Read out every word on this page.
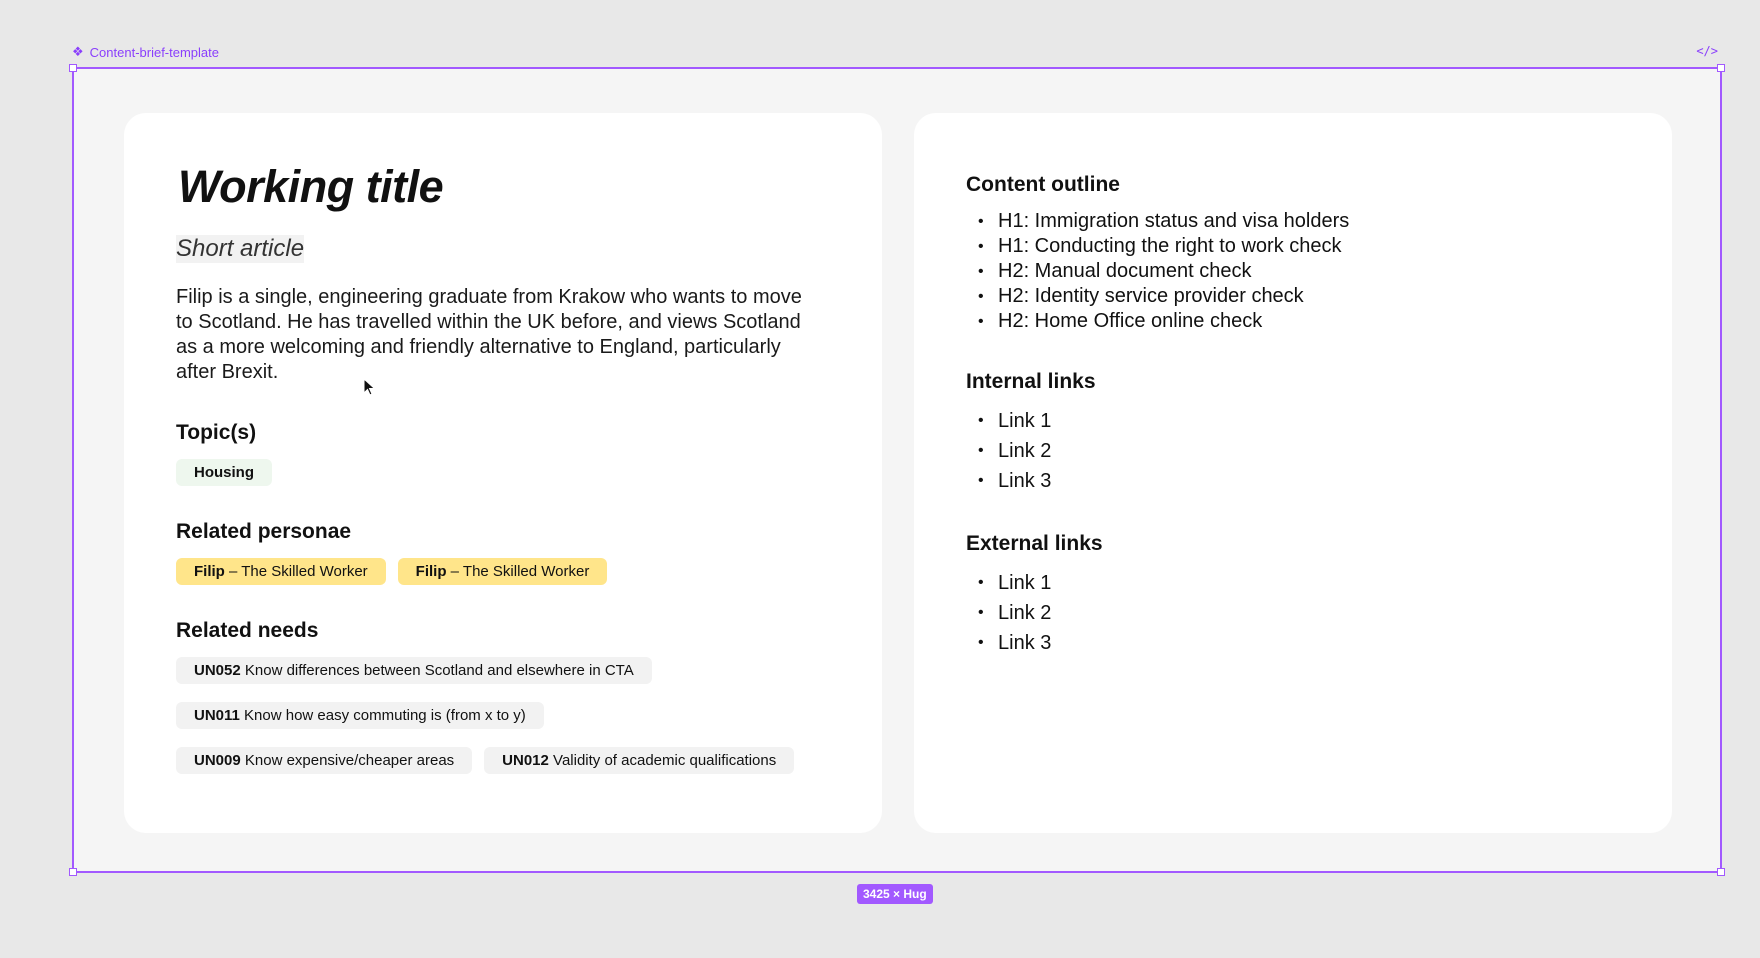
❖ Content-brief-template	</>
Working title
Short article
Filip is a single, engineering graduate from Krakow who wants to move to Scotland. He has travelled within the UK before, and views Scotland as a more welcoming and friendly alternative to England, particularly after Brexit.
Topic(s)
Housing
Related personae
Filip – The Skilled Worker	Filip – The Skilled Worker
Related needs
UN052 Know differences between Scotland and elsewhere in CTA
UN011 Know how easy commuting is (from x to y)
UN009 Know expensive/cheaper areas	UN012 Validity of academic qualifications
Content outline
• H1: Immigration status and visa holders
• H1: Conducting the right to work check
• H2: Manual document check
• H2: Identity service provider check
• H2: Home Office online check
Internal links
• Link 1
• Link 2
• Link 3
External links
• Link 1
• Link 2
• Link 3
3425 × Hug
